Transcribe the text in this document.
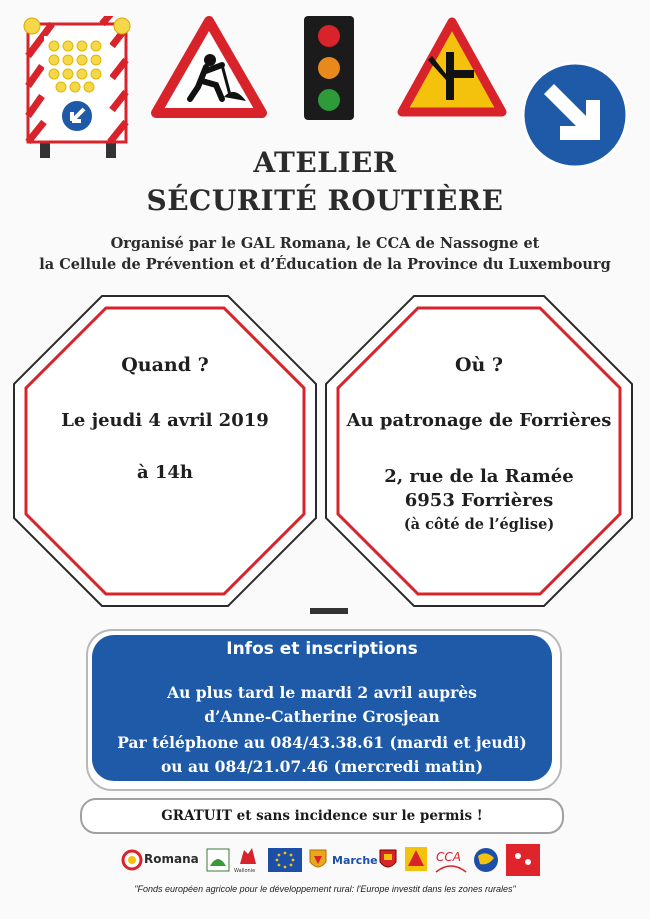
ATELIER
SÉCURITÉ ROUTIÈRE
Organisé par le GAL Romana, le CCA de Nassogne et
la Cellule de Prévention et d’Éducation de la Province du Luxembourg
Quand ?
Le jeudi 4 avril 2019
à 14h
Où ?
Au patronage de Forrières
2, rue de la Ramée
6953 Forrières
(à côté de l’église)
Infos et inscriptions
Au plus tard le mardi 2 avril auprès
d’Anne-Catherine Grosjean
Par téléphone au 084/43.38.61 (mardi et jeudi)
ou au 084/21.07.46 (mercredi matin)
GRATUIT et sans incidence sur le permis !
Romana
Wallonie
Marche	CCA
"Fonds européen agricole pour le développement rural: l'Europe investit dans les zones rurales"
